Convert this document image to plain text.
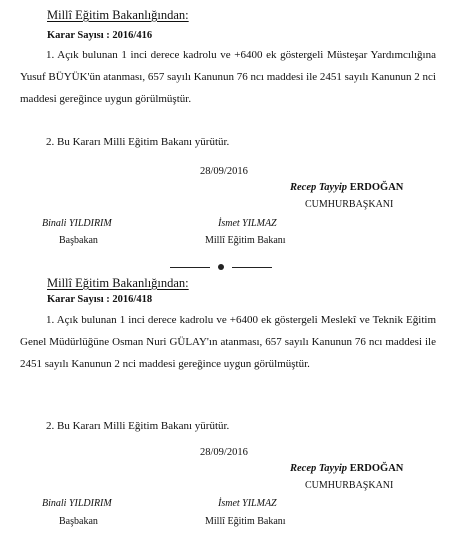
Millî Eğitim Bakanlığından:
Karar Sayısı : 2016/416
1. Açık bulunan 1 inci derece kadrolu ve +6400 ek göstergeli Müsteşar Yardımcılığına Yusuf BÜYÜK'ün atanması, 657 sayılı Kanunun 76 ncı maddesi ile 2451 sayılı Kanunun 2 nci maddesi gereğince uygun görülmüştür.
2. Bu Kararı Milli Eğitim Bakanı yürütür.
28/09/2016
Recep Tayyip ERDOĞAN
CUMHURBAŞKANI
Binali YILDIRIM
Başbakan
İsmet YILMAZ
Millî Eğitim Bakanı
Millî Eğitim Bakanlığından:
Karar Sayısı : 2016/418
1. Açık bulunan 1 inci derece kadrolu ve +6400 ek göstergeli Meslekî ve Teknik Eğitim Genel Müdürlüğüne Osman Nuri GÜLAY'ın atanması, 657 sayılı Kanunun 76 ncı maddesi ile 2451 sayılı Kanunun 2 nci maddesi gereğince uygun görülmüştür.
2. Bu Kararı Milli Eğitim Bakanı yürütür.
28/09/2016
Recep Tayyip ERDOĞAN
CUMHURBAŞKANI
Binali YILDIRIM
Başbakan
İsmet YILMAZ
Millî Eğitim Bakanı
